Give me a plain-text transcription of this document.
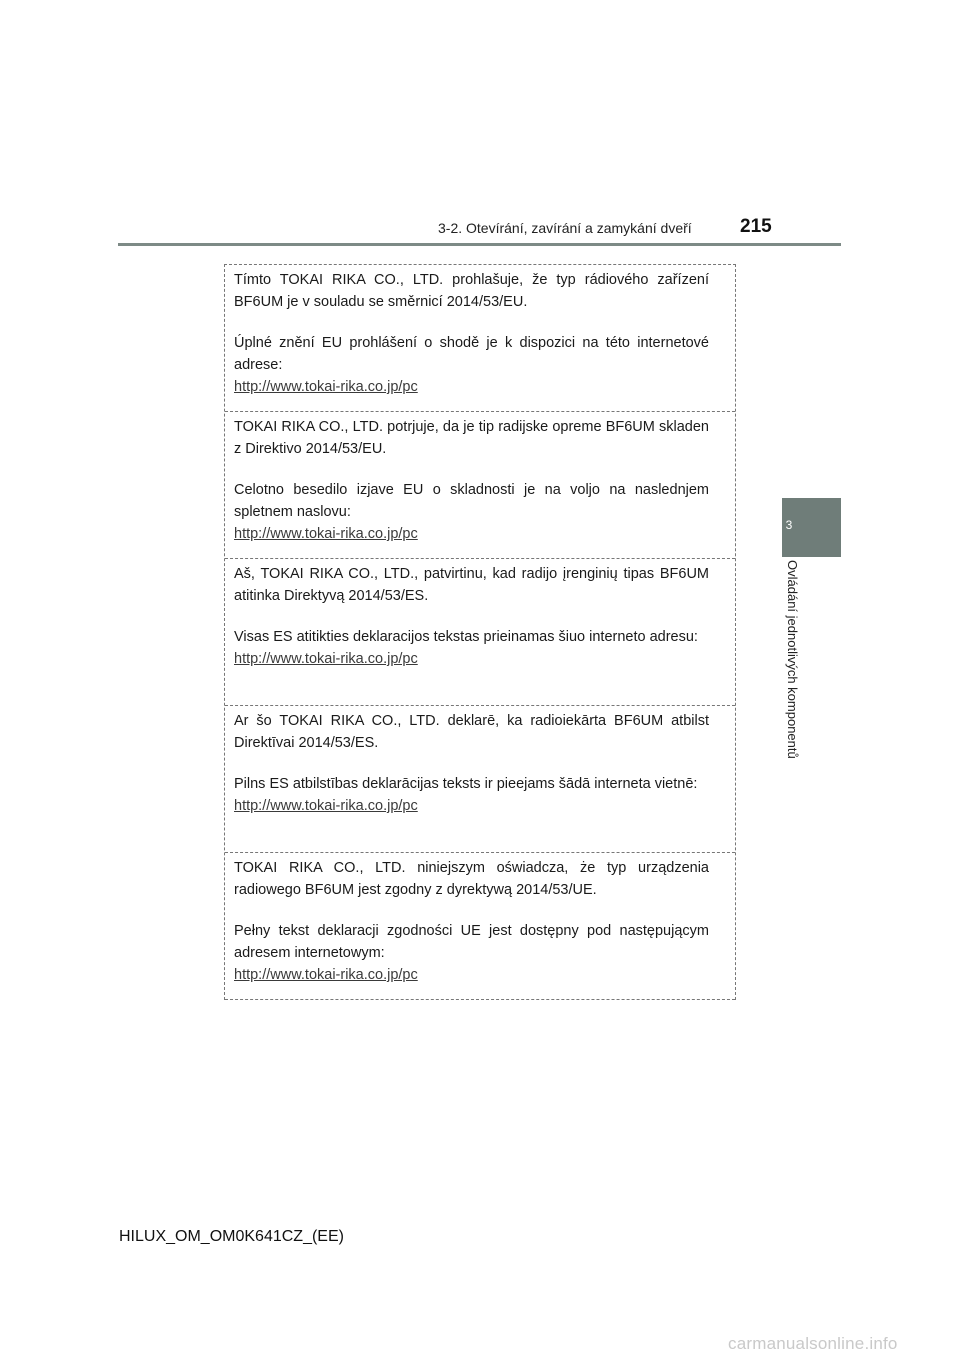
3-2. Otevírání, zavírání a zamykání dveří	215
3
Ovládání jednotlivých komponentů

Tímto TOKAI RIKA CO., LTD. prohlašuje, že typ rádiového zařízení BF6UM je v souladu se směrnicí 2014/53/EU.

Úplné znění EU prohlášení o shodě je k dispozici na této internetové adrese:

http://www.tokai-rika.co.jp/pc

TOKAI RIKA CO., LTD. potrjuje, da je tip radijske opreme BF6UM skladen z Direktivo 2014/53/EU.

Celotno besedilo izjave EU o skladnosti je na voljo na naslednjem spletnem naslovu:

http://www.tokai-rika.co.jp/pc

Aš, TOKAI RIKA CO., LTD., patvirtinu, kad radijo įrenginių tipas BF6UM atitinka Direktyvą 2014/53/ES.

Visas ES atitikties deklaracijos tekstas prieinamas šiuo interneto adresu:

http://www.tokai-rika.co.jp/pc

Ar šo TOKAI RIKA CO., LTD. deklarē, ka radioiekārta BF6UM atbilst Direktīvai 2014/53/ES.

Pilns ES atbilstības deklarācijas teksts ir pieejams šādā interneta vietnē:

http://www.tokai-rika.co.jp/pc

TOKAI RIKA CO., LTD. niniejszym oświadcza, że typ urządzenia radiowego BF6UM jest zgodny z dyrektywą 2014/53/UE.

Pełny tekst deklaracji zgodności UE jest dostępny pod następującym adresem internetowym:

http://www.tokai-rika.co.jp/pc
HILUX_OM_OM0K641CZ_(EE)
carmanualsonline.info
